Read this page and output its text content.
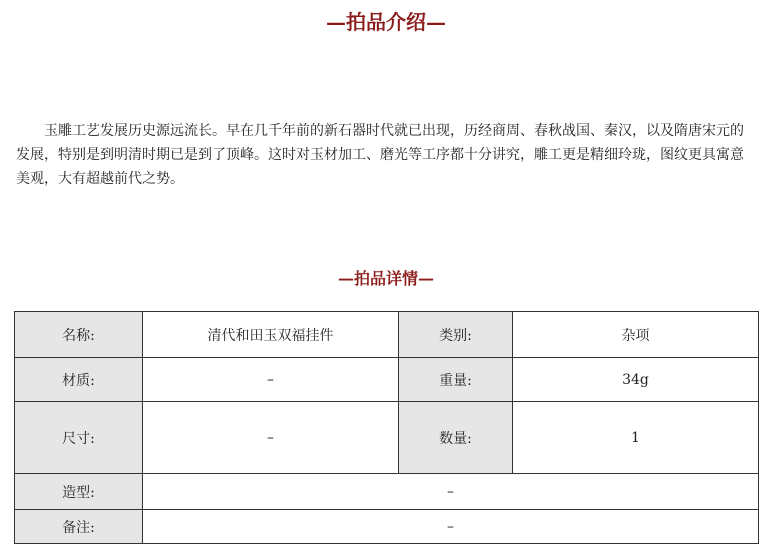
—拍品介绍—

玉雕工艺发展历史源远流长。早在几千年前的新石器时代就已出现，历经商周、春秋战国、秦汉，以及隋唐宋元的发展，特别是到明清时期已是到了顶峰。这时对玉材加工、磨光等工序都十分讲究，雕工更是精细玲珑，图纹更具寓意美观，大有超越前代之势。

—拍品详情—
名称:	清代和田玉双福挂件	类别:	杂项
材质:	–	重量:	34g
尺寸:	–	数量:	1
造型:	–		
备注:	–		
